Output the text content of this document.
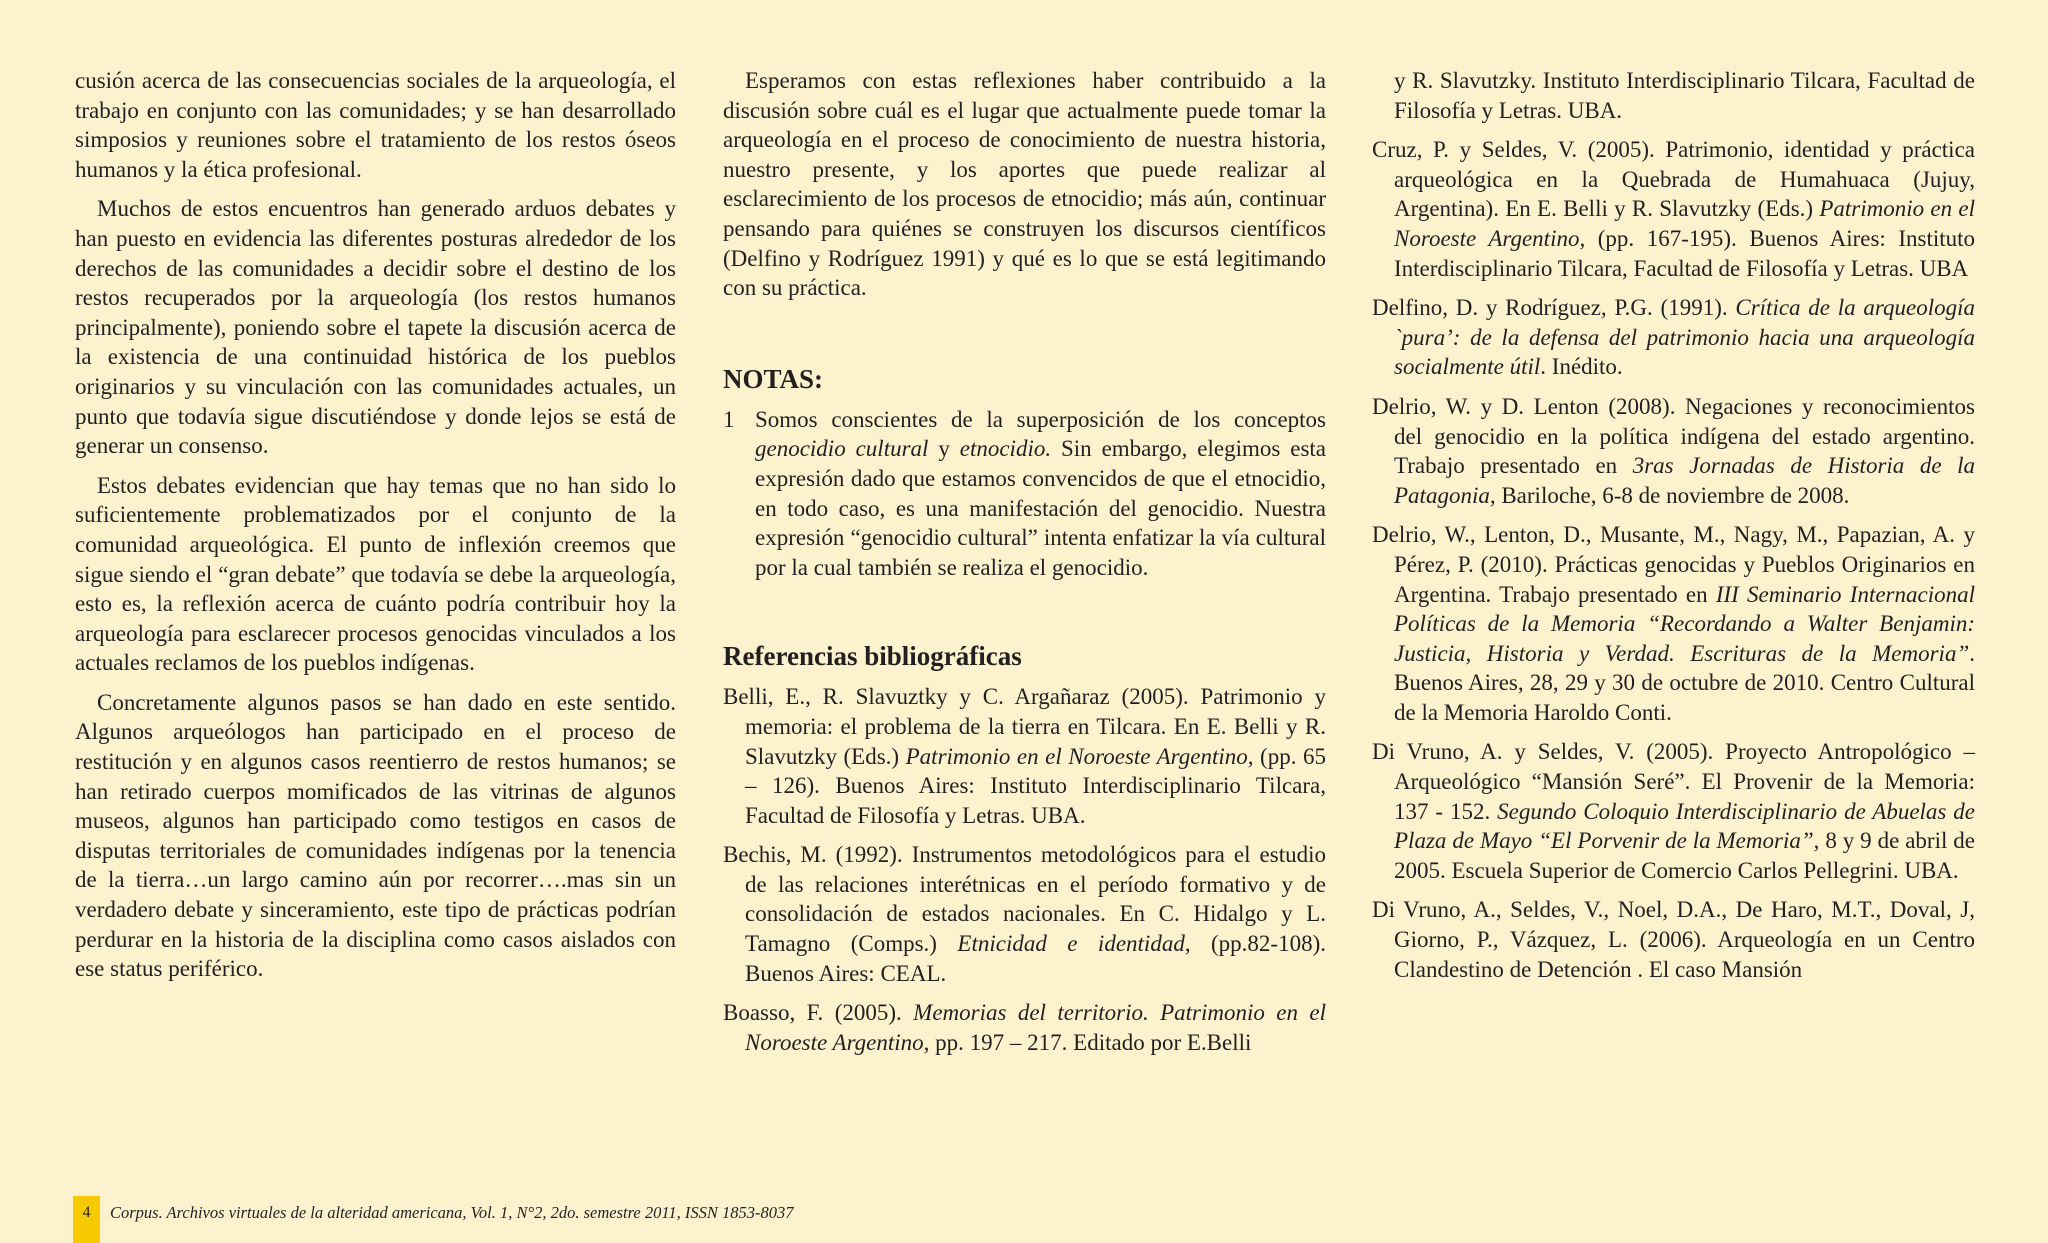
cusión acerca de las consecuencias sociales de la arqueología, el trabajo en conjunto con las comunidades; y se han desarrollado simposios y reuniones sobre el tratamiento de los restos óseos humanos y la ética profesional.

Muchos de estos encuentros han generado arduos debates y han puesto en evidencia las diferentes posturas alrededor de los derechos de las comunidades a decidir sobre el destino de los restos recuperados por la arqueología (los restos humanos principalmente), poniendo sobre el tapete la discusión acerca de la existencia de una continuidad histórica de los pueblos originarios y su vinculación con las comunidades actuales, un punto que todavía sigue discutiéndose y donde lejos se está de generar un consenso.

Estos debates evidencian que hay temas que no han sido lo suficientemente problematizados por el conjunto de la comunidad arqueológica. El punto de inflexión creemos que sigue siendo el “gran debate” que todavía se debe la arqueología, esto es, la reflexión acerca de cuánto podría contribuir hoy la arqueología para esclarecer procesos genocidas vinculados a los actuales reclamos de los pueblos indígenas.

Concretamente algunos pasos se han dado en este sentido. Algunos arqueólogos han participado en el proceso de restitución y en algunos casos reentierro de restos humanos; se han retirado cuerpos momificados de las vitrinas de algunos museos, algunos han participado como testigos en casos de disputas territoriales de comunidades indígenas por la tenencia de la tierra…un largo camino aún por recorrer….mas sin un verdadero debate y sinceramiento, este tipo de prácticas podrían perdurar en la historia de la disciplina como casos aislados con ese status periférico.

Esperamos con estas reflexiones haber contribuido a la discusión sobre cuál es el lugar que actualmente puede tomar la arqueología en el proceso de conocimiento de nuestra historia, nuestro presente, y los aportes que puede realizar al esclarecimiento de los procesos de etnocidio; más aún, continuar pensando para quiénes se construyen los discursos científicos (Delfino y Rodríguez 1991) y qué es lo que se está legitimando con su práctica.

NOTAS:
1 Somos conscientes de la superposición de los conceptos genocidio cultural y etnocidio. Sin embargo, elegimos esta expresión dado que estamos convencidos de que el etnocidio, en todo caso, es una manifestación del genocidio. Nuestra expresión “genocidio cultural” intenta enfatizar la vía cultural por la cual también se realiza el genocidio.
Referencias bibliográficas

Belli, E., R. Slavuztky y C. Argañaraz (2005). Patrimonio y memoria: el problema de la tierra en Tilcara. En E. Belli y R. Slavutzky (Eds.) Patrimonio en el Noroeste Argentino, (pp. 65 – 126). Buenos Aires: Instituto Interdisciplinario Tilcara, Facultad de Filosofía y Letras. UBA.

Bechis, M. (1992). Instrumentos metodológicos para el estudio de las relaciones interétnicas en el período formativo y de consolidación de estados nacionales. En C. Hidalgo y L. Tamagno (Comps.) Etnicidad e identidad, (pp.82-108). Buenos Aires: CEAL.

Boasso, F. (2005). Memorias del territorio. Patrimonio en el Noroeste Argentino, pp. 197 – 217. Editado por E.Belli

y R. Slavutzky. Instituto Interdisciplinario Tilcara, Facultad de Filosofía y Letras. UBA.

Cruz, P. y Seldes, V. (2005). Patrimonio, identidad y práctica arqueológica en la Quebrada de Humahuaca (Jujuy, Argentina). En E. Belli y R. Slavutzky (Eds.) Patrimonio en el Noroeste Argentino, (pp. 167-195). Buenos Aires: Instituto Interdisciplinario Tilcara, Facultad de Filosofía y Letras. UBA

Delfino, D. y Rodríguez, P.G. (1991). Crítica de la arqueología `pura’: de la defensa del patrimonio hacia una arqueología socialmente útil. Inédito.

Delrio, W. y D. Lenton (2008). Negaciones y reconocimientos del genocidio en la política indígena del estado argentino. Trabajo presentado en 3ras Jornadas de Historia de la Patagonia, Bariloche, 6-8 de noviembre de 2008.

Delrio, W., Lenton, D., Musante, M., Nagy, M., Papazian, A. y Pérez, P. (2010). Prácticas genocidas y Pueblos Originarios en Argentina. Trabajo presentado en III Seminario Internacional Políticas de la Memoria “Recordando a Walter Benjamin: Justicia, Historia y Verdad. Escrituras de la Memoria”. Buenos Aires, 28, 29 y 30 de octubre de 2010. Centro Cultural de la Memoria Haroldo Conti.

Di Vruno, A. y Seldes, V. (2005). Proyecto Antropológico – Arqueológico “Mansión Seré”. El Provenir de la Memoria: 137 - 152. Segundo Coloquio Interdisciplinario de Abuelas de Plaza de Mayo “El Porvenir de la Memoria”, 8 y 9 de abril de 2005. Escuela Superior de Comercio Carlos Pellegrini. UBA.

Di Vruno, A., Seldes, V., Noel, D.A., De Haro, M.T., Doval, J, Giorno, P., Vázquez, L. (2006). Arqueología en un Centro Clandestino de Detención . El caso Mansión

4	Corpus. Archivos virtuales de la alteridad americana, Vol. 1, N°2, 2do. semestre 2011, ISSN 1853-8037
